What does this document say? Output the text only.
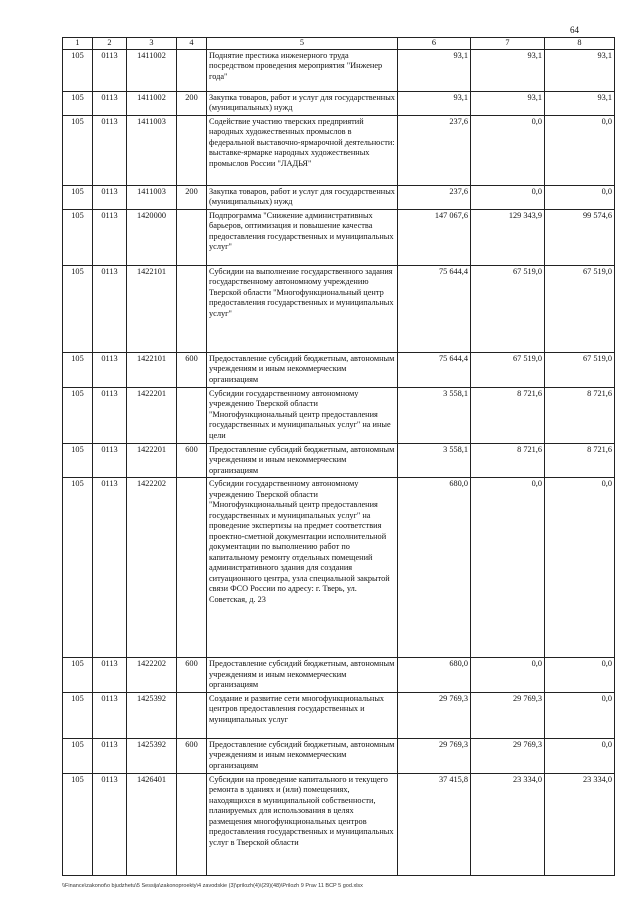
64
1	2	3	4	5	6	7	8
105	0113	1411002		Поднятие престижа инженерного труда посредством проведения мероприятия "Инженер года"	93,1	93,1	93,1
105	0113	1411002	200	Закупка товаров, работ и услуг для государственных (муниципальных) нужд	93,1	93,1	93,1
105	0113	1411003		Содействие участию тверских предприятий народных художественных промыслов в федеральной выставочно-ярмарочной деятельности: выставке-ярмарке народных художественных промыслов России "ЛАДЬЯ"	237,6	0,0	0,0
105	0113	1411003	200	Закупка товаров, работ и услуг для государственных (муниципальных) нужд	237,6	0,0	0,0
105	0113	1420000		Подпрограмма "Снижение административных барьеров, оптимизация и повышение качества предоставления государственных и муниципальных услуг"	147 067,6	129 343,9	99 574,6
105	0113	1422101		Субсидии на выполнение государственного задания государственному автономному учреждению Тверской области "Многофункциональный центр предоставления государственных и муниципальных услуг"	75 644,4	67 519,0	67 519,0
105	0113	1422101	600	Предоставление субсидий бюджетным, автономным учреждениям и иным некоммерческим организациям	75 644,4	67 519,0	67 519,0
105	0113	1422201		Субсидии государственному автономному учреждению Тверской области "Многофункциональный центр предоставления государственных и муниципальных услуг" на иные цели	3 558,1	8 721,6	8 721,6
105	0113	1422201	600	Предоставление субсидий бюджетным, автономным учреждениям и иным некоммерческим организациям	3 558,1	8 721,6	8 721,6
105	0113	1422202		Субсидии государственному автономному учреждению Тверской области "Многофункциональный центр предоставления государственных и муниципальных услуг" на проведение экспертизы на предмет соответствия проектно-сметной документации исполнительной документации по выполнению работ по капитальному ремонту отдельных помещений административного здания для создания ситуационного центра, узла специальной закрытой связи ФСО России по адресу: г. Тверь, ул. Советская, д. 23	680,0	0,0	0,0
105	0113	1422202	600	Предоставление субсидий бюджетным, автономным учреждениям и иным некоммерческим организациям	680,0	0,0	0,0
105	0113	1425392		Создание и развитие сети многофункциональных центров предоставления государственных и муниципальных услуг	29 769,3	29 769,3	0,0
105	0113	1425392	600	Предоставление субсидий бюджетным, автономным учреждениям и иным некоммерческим организациям	29 769,3	29 769,3	0,0
105	0113	1426401		Субсидии на проведение капитального и текущего ремонта в зданиях и (или) помещениях, находящихся в муниципальной собственности, планируемых для использования в целях размещения многофункциональных центров предоставления государственных и муниципальных услуг в Тверской области	37 415,8	23 334,0	23 334,0
\\Finance\zakonot\o bjudzhetu\5 Sessija\zakonoproekty\4 zavodskie (3)\prilozh(4)\(29)(48)\Prilozh 9 Prav 11 BCP 5 god.xlsx
